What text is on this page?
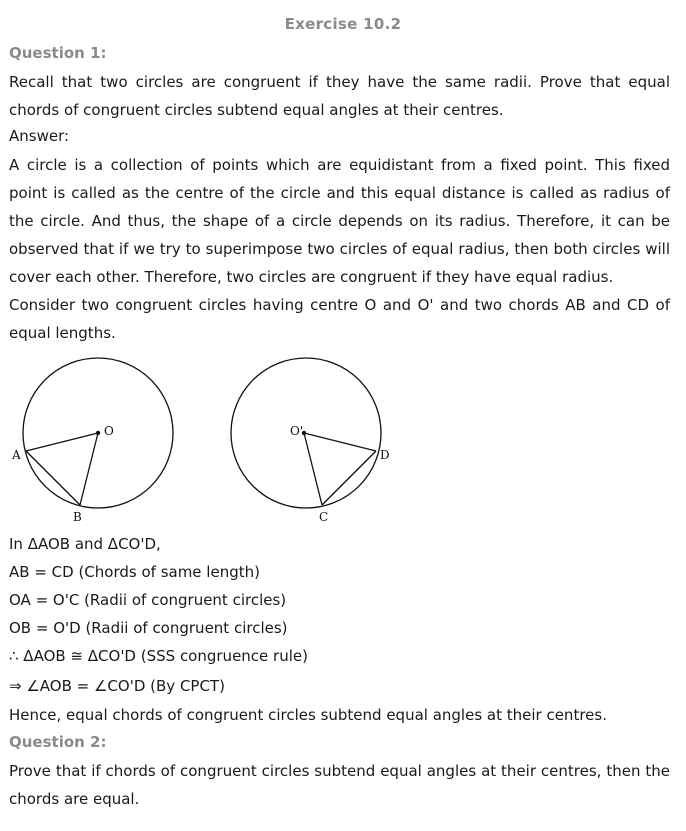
Exercise 10.2
Question 1:
Recall that two circles are congruent if they have the same radii. Prove that equal chords of congruent circles subtend equal angles at their centres.
Answer:
A circle is a collection of points which are equidistant from a fixed point. This fixed point is called as the centre of the circle and this equal distance is called as radius of the circle. And thus, the shape of a circle depends on its radius. Therefore, it can be observed that if we try to superimpose two circles of equal radius, then both circles will cover each other. Therefore, two circles are congruent if they have equal radius.
Consider two congruent circles having centre O and O' and two chords AB and CD of equal lengths.
O
A
B
O'
D
C
In ΔAOB and ΔCO'D,
AB = CD (Chords of same length)
OA = O'C (Radii of congruent circles)
OB = O'D (Radii of congruent circles)
∴ ΔAOB ≅ ΔCO'D (SSS congruence rule)
⇒ ∠AOB = ∠CO'D (By CPCT)
Hence, equal chords of congruent circles subtend equal angles at their centres.
Question 2:
Prove that if chords of congruent circles subtend equal angles at their centres, then the chords are equal.
